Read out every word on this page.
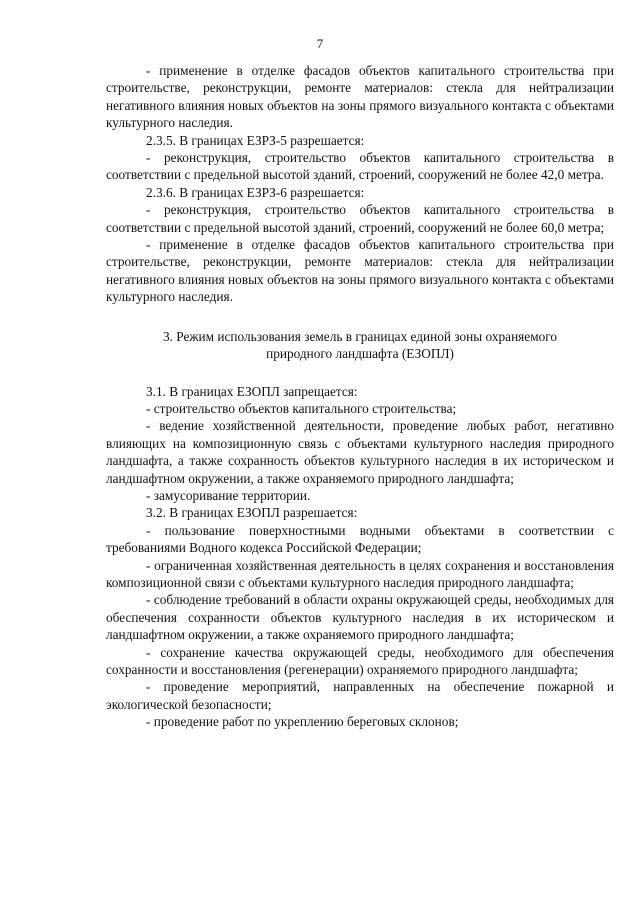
7

- применение в отделке фасадов объектов капитального строительства при строительстве, реконструкции, ремонте материалов: стекла для нейтрализации негативного влияния новых объектов на зоны прямого визуального контакта с объектами культурного наследия.

2.3.5. В границах ЕЗРЗ-5 разрешается:

- реконструкция, строительство объектов капитального строительства в соответствии с предельной высотой зданий, строений, сооружений не более 42,0 метра.

2.3.6. В границах ЕЗРЗ-6 разрешается:

- реконструкция, строительство объектов капитального строительства в соответствии с предельной высотой зданий, строений, сооружений не более 60,0 метра;

- применение в отделке фасадов объектов капитального строительства при строительстве, реконструкции, ремонте материалов: стекла для нейтрализации негативного влияния новых объектов на зоны прямого визуального контакта с объектами культурного наследия.

3. Режим использования земель в границах единой зоны охраняемого природного ландшафта (ЕЗОПЛ)

3.1. В границах ЕЗОПЛ запрещается:

- строительство объектов капитального строительства;

- ведение хозяйственной деятельности, проведение любых работ, негативно влияющих на композиционную связь с объектами культурного наследия природного ландшафта, а также сохранность объектов культурного наследия в их историческом и ландшафтном окружении, а также охраняемого природного ландшафта;

- замусоривание территории.

3.2. В границах ЕЗОПЛ разрешается:

- пользование поверхностными водными объектами в соответствии с требованиями Водного кодекса Российской Федерации;

- ограниченная хозяйственная деятельность в целях сохранения и восстановления композиционной связи с объектами культурного наследия природного ландшафта;

- соблюдение требований в области охраны окружающей среды, необходимых для обеспечения сохранности объектов культурного наследия в их историческом и ландшафтном окружении, а также охраняемого природного ландшафта;

- сохранение качества окружающей среды, необходимого для обеспечения сохранности и восстановления (регенерации) охраняемого природного ландшафта;

- проведение мероприятий, направленных на обеспечение пожарной и экологической безопасности;

- проведение работ по укреплению береговых склонов;
